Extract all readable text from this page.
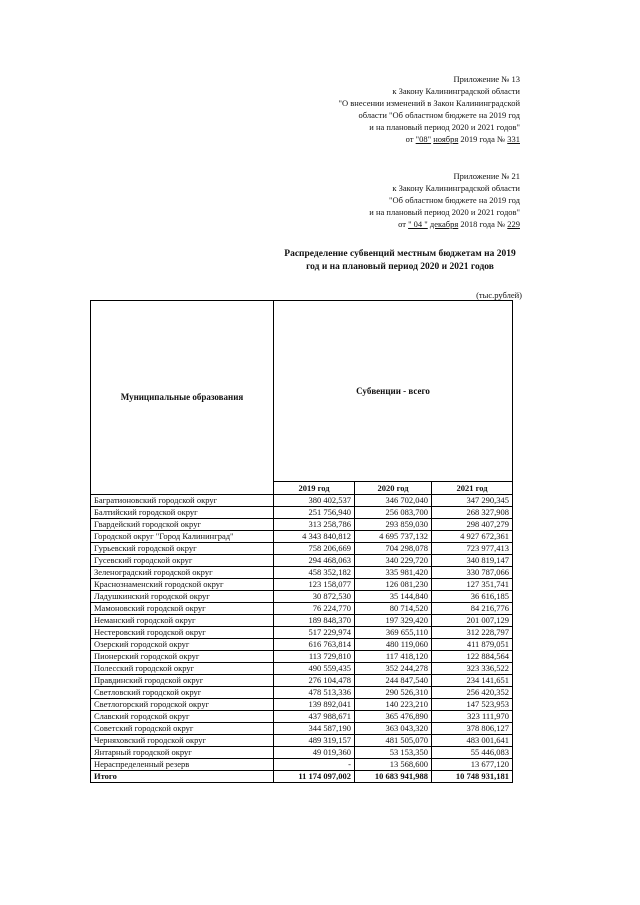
Приложение № 13
к Закону Калининградской области
"О внесении изменений в Закон Калининградской
области "Об областном бюджете на 2019 год
и на плановый период 2020 и 2021 годов"
от "08" ноября 2019 года № 331
Приложение № 21
к Закону Калининградской области
"Об областном бюджете на 2019 год
и на плановый период 2020 и 2021 годов"
от " 04 " декабря 2018 года № 229
Распределение субвенций местным бюджетам на 2019
год и на плановый период 2020 и 2021 годов
(тыс.рублей)
Муниципальные образования	Субвенции - всего		
	2019 год	2020 год	2021 год
Багратионовский городской округ	380 402,537	346 702,040	347 290,345
Балтийский городской округ	251 756,940	256 083,700	268 327,908
Гвардейский городской округ	313 258,786	293 859,030	298 407,279
Городской округ "Город Калининград"	4 343 840,812	4 695 737,132	4 927 672,361
Гурьевский городской округ	758 206,669	704 298,078	723 977,413
Гусевский городской округ	294 468,063	340 229,720	340 819,147
Зеленоградский городской округ	458 352,182	335 981,420	330 787,066
Краснознаменский городской округ	123 158,077	126 081,230	127 351,741
Ладушкинский городской округ	30 872,530	35 144,840	36 616,185
Мамоновский городской округ	76 224,770	80 714,520	84 216,776
Неманский городской округ	189 848,370	197 329,420	201 007,129
Нестеровский городской округ	517 229,974	369 655,110	312 228,797
Озерский городской округ	616 763,814	480 119,060	411 879,051
Пионерский городской округ	113 729,810	117 418,120	122 884,564
Полесский городской округ	490 559,435	352 244,278	323 336,522
Правдинский городской округ	276 104,478	244 847,540	234 141,651
Светловский городской округ	478 513,336	290 526,310	256 420,352
Светлогорский городской округ	139 892,041	140 223,210	147 523,953
Славский городской округ	437 988,671	365 476,890	323 111,970
Советский городской округ	344 587,190	363 043,320	378 806,127
Черняховский городской округ	489 319,157	481 505,070	483 001,641
Янтарный городской округ	49 019,360	53 153,350	55 446,083
Нераспределенный резерв	-	13 568,600	13 677,120
Итого	11 174 097,002	10 683 941,988	10 748 931,181
